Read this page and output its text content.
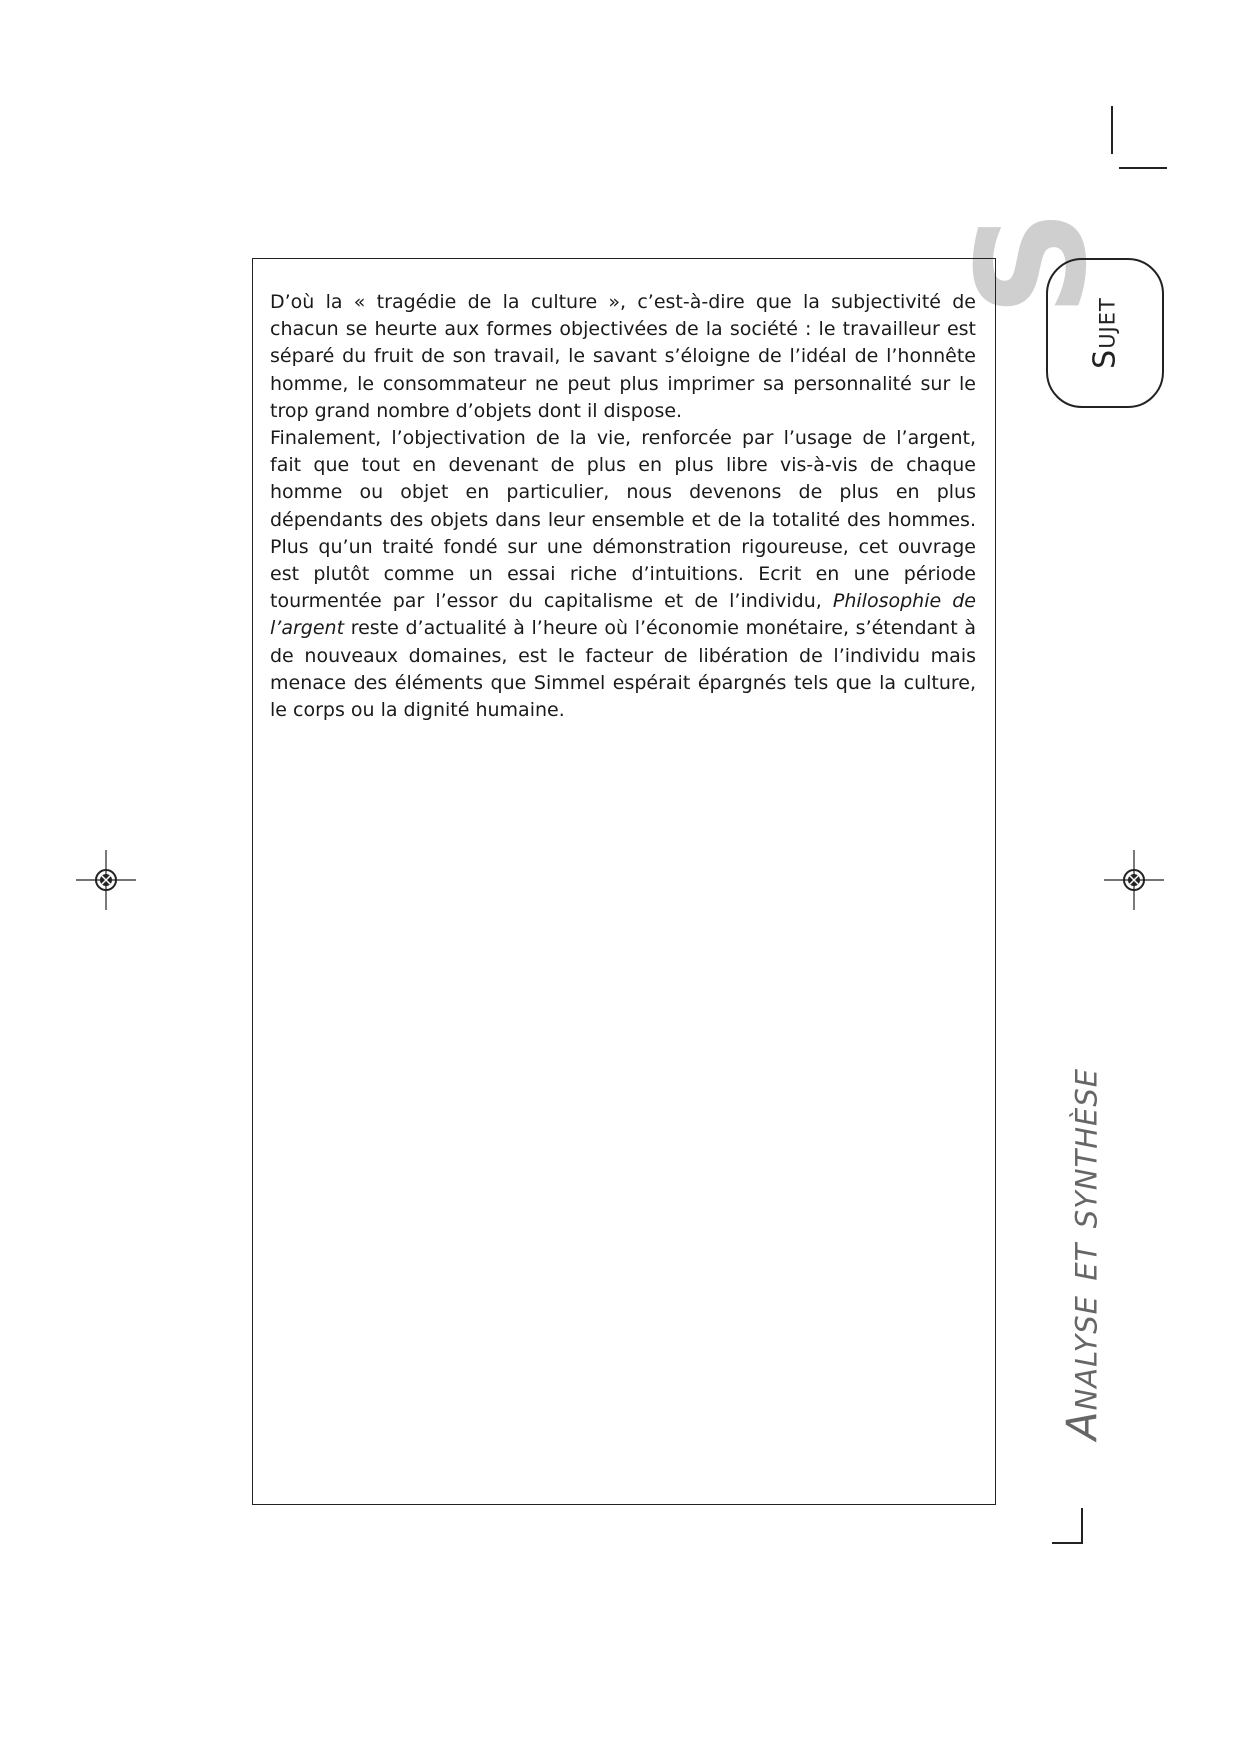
S
Sujet

D’où la « tragédie de la culture », c’est-à-dire que la subjectivité de chacun se heurte aux formes objectivées de la société : le travailleur est séparé du fruit de son travail, le savant s’éloigne de l’idéal de l’honnête homme, le consommateur ne peut plus imprimer sa personnalité sur le trop grand nombre d’objets dont il dispose.

Finalement, l’objectivation de la vie, renforcée par l’usage de l’argent, fait que tout en devenant de plus en plus libre vis-à-vis de chaque homme ou objet en particulier, nous devenons de plus en plus dépendants des objets dans leur ensemble et de la totalité des hommes. Plus qu’un traité fondé sur une démonstration rigoureuse, cet ouvrage est plutôt comme un essai riche d’intuitions. Ecrit en une période tourmentée par l’essor du capitalisme et de l’individu, Philosophie de l’argent reste d’actualité à l’heure où l’économie monétaire, s’étendant à de nouveaux domaines, est le facteur de libération de l’individu mais menace des éléments que Simmel espérait épargnés tels que la culture, le corps ou la dignité humaine.

Analyse et synthèse
